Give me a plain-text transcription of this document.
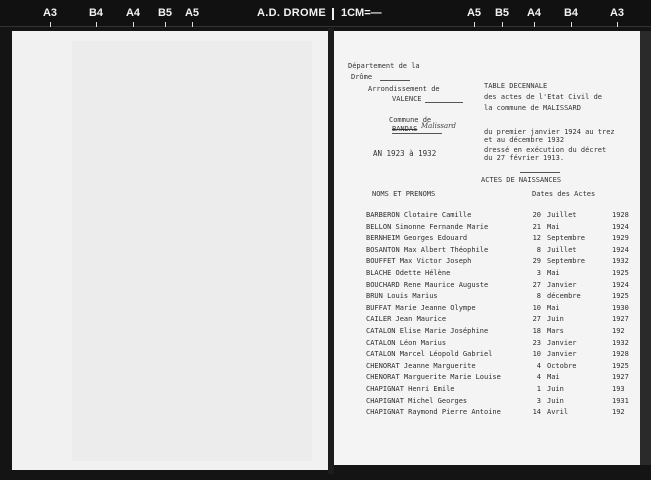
A3	B4 A4 B5 A5	A.D. DROME 1CM=—	A5 B5 A4 B4	A3
Département de la
Drôme
Arrondissement de
VALENCE
Commune de
BANDAS Malissard
AN 1923 à 1932
TABLE DECENNALE
des actes de l'Etat Civil de
la commune de MALISSARD
du premier janvier 1924 au trez
et au décembre 1932
dressé en exécution du décret
du 27 février 1913.
ACTES DE NAISSANCES
NOMS ET PRENOMS	Dates des Actes
BARBERON Clotaire Camille	20 Juillet	1928
BELLON Simonne Fernande Marie	21 Mai	1924
BERNHEIM Georges Edouard	12 Septembre	1929
BOSANTON Max Albert Théophile	8 Juillet	1924
BOUFFET Max Victor Joseph	29 Septembre	1932
BLACHE Odette Hélène	3 Mai	1925
BOUCHARD Rene Maurice Auguste	27 Janvier	1924
BRUN Louis Marius	8 décembre	1925
BUFFAT Marie Jeanne Olympe	10 Mai	1930
CAILER Jean Maurice	27 Juin	1927
CATALON Elise Marie Joséphine	18 Mars	192
CATALON Léon Marius	23 Janvier	1932
CATALON Marcel Léopold Gabriel	10 Janvier	1928
CHENORAT Jeanne Marguerite	4 Octobre	1925
CHENORAT Marguerite Marie Louise	4 Mai	1927
CHAPIGNAT Henri Emile	1 Juin	193
CHAPIGNAT Michel Georges	3 Juin	1931
CHAPIGNAT Raymond Pierre Antoine	14 Avril	192
